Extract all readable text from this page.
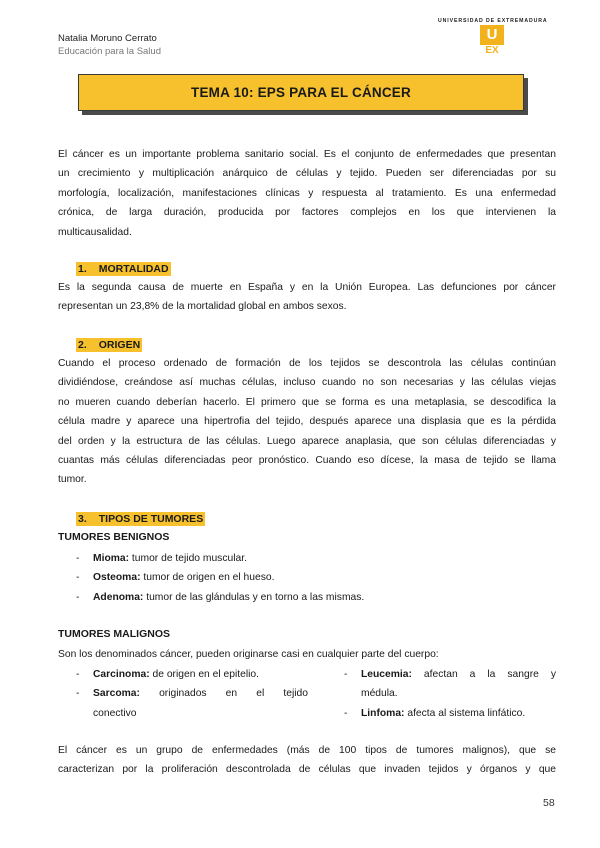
Natalia Moruno Cerrato
Educación para la Salud
UNIVERSIDAD DE EXTREMADURA
U
EX
TEMA 10: EPS PARA EL CÁNCER
El cáncer es un importante problema sanitario social. Es el conjunto de enfermedades que presentan
un crecimiento y multiplicación anárquico de células y tejido. Pueden ser diferenciadas por su
morfología, localización, manifestaciones clínicas y respuesta al tratamiento. Es una enfermedad
crónica, de larga duración, producida por factores complejos en los que intervienen la
multicausalidad.
1. MORTALIDAD
Es la segunda causa de muerte en España y en la Unión Europea. Las defunciones por cáncer
representan un 23,8% de la mortalidad global en ambos sexos.
2. ORIGEN
Cuando el proceso ordenado de formación de los tejidos se descontrola las células continúan
dividiéndose, creándose así muchas células, incluso cuando no son necesarias y las células viejas
no mueren cuando deberían hacerlo. El primero que se forma es una metaplasia, se descodifica la
célula madre y aparece una hipertrofia del tejido, después aparece una displasia que es la pérdida
del orden y la estructura de las células. Luego aparece anaplasia, que son células diferenciadas y
cuantas más células diferenciadas peor pronóstico. Cuando eso dícese, la masa de tejido se llama
tumor.
3. TIPOS DE TUMORES
TUMORES BENIGNOS
- Mioma: tumor de tejido muscular.
- Osteoma: tumor de origen en el hueso.
- Adenoma: tumor de las glándulas y en torno a las mismas.
TUMORES MALIGNOS
Son los denominados cáncer, pueden originarse casi en cualquier parte del cuerpo:
- Carcinoma: de origen en el epitelio.
- Sarcoma: originados en el tejido
conectivo
- Leucemia: afectan a la sangre y
médula.
- Linfoma: afecta al sistema linfático.
El cáncer es un grupo de enfermedades (más de 100 tipos de tumores malignos), que se
caracterizan por la proliferación descontrolada de células que invaden tejidos y órganos y que
58
